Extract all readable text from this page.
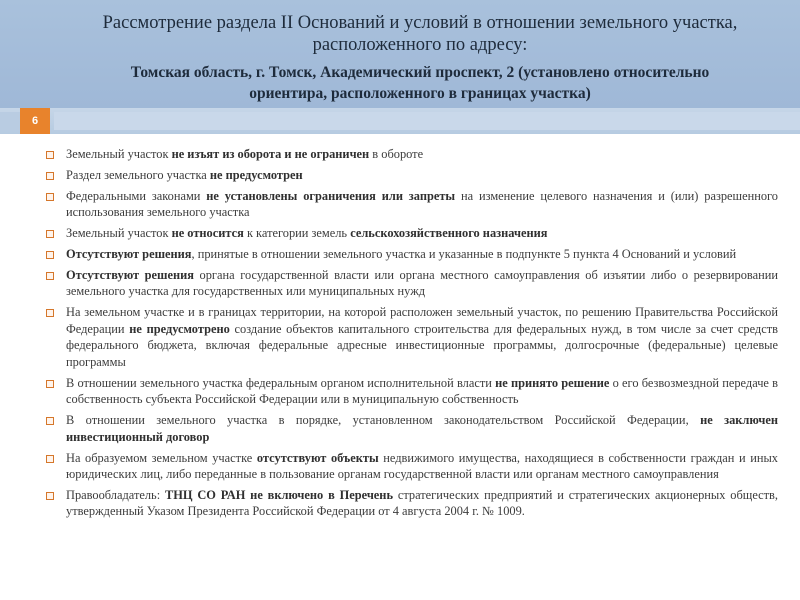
Рассмотрение раздела II Оснований и условий в отношении земельного участка,
расположенного по адресу:
Томская область, г. Томск, Академический проспект, 2 (установлено относительно
ориентира, расположенного в границах участка)
6
Земельный участок не изъят из оборота и не ограничен в обороте
Раздел земельного участка не предусмотрен
Федеральными законами не установлены ограничения или запреты на изменение целевого назначения и (или) разрешенного использования земельного участка
Земельный участок не относится к категории земель сельскохозяйственного назначения
Отсутствуют решения, принятые в отношении земельного участка и указанные в подпункте 5 пункта 4 Оснований и условий
Отсутствуют решения органа государственной власти или органа местного самоуправления об изъятии либо о резервировании земельного участка для государственных или муниципальных нужд
На земельном участке и в границах территории, на которой расположен земельный участок, по решению Правительства Российской Федерации не предусмотрено создание объектов капитального строительства для федеральных нужд, в том числе за счет средств федерального бюджета, включая федеральные адресные инвестиционные программы, долгосрочные (федеральные) целевые программы
В отношении земельного участка федеральным органом исполнительной власти не принято решение о его безвозмездной передаче в собственность субъекта Российской Федерации или в муниципальную собственность
В отношении земельного участка в порядке, установленном законодательством Российской Федерации, не заключен инвестиционный договор
На образуемом земельном участке отсутствуют объекты недвижимого имущества, находящиеся в собственности граждан и иных юридических лиц, либо переданные в пользование органам государственной власти или органам местного самоуправления
Правообладатель: ТНЦ СО РАН не включено в Перечень стратегических предприятий и стратегических акционерных обществ, утвержденный Указом Президента Российской Федерации от 4 августа 2004 г. № 1009.
